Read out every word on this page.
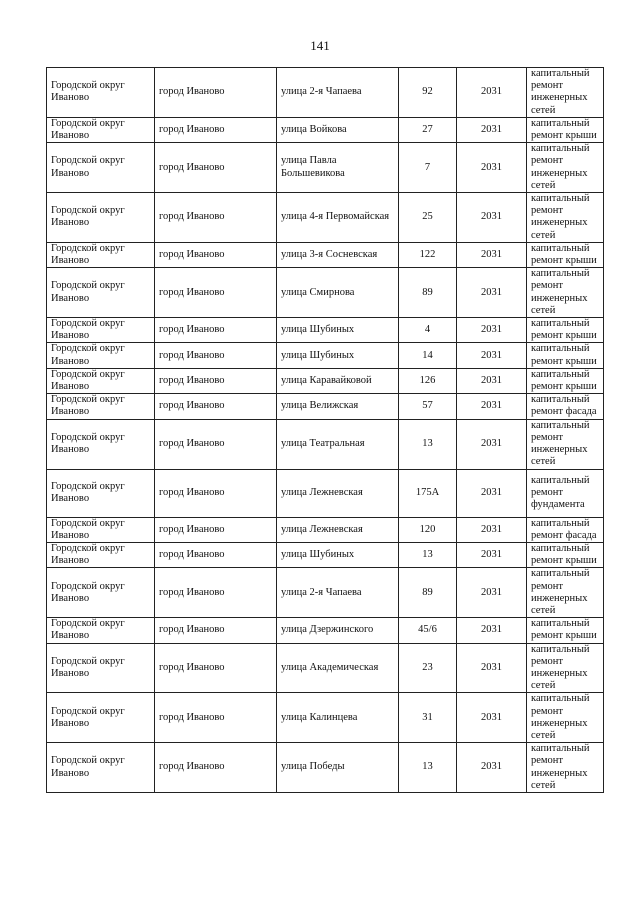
141
Городской округ Иваново	город Иваново	улица 2-я Чапаева	92	2031	капитальный ремонт инженерных сетей
Городской округ Иваново	город Иваново	улица Войкова	27	2031	капитальный ремонт крыши
Городской округ Иваново	город Иваново	улица Павла Большевикова	7	2031	капитальный ремонт инженерных сетей
Городской округ Иваново	город Иваново	улица 4-я Первомайская	25	2031	капитальный ремонт инженерных сетей
Городской округ Иваново	город Иваново	улица 3-я Сосневская	122	2031	капитальный ремонт крыши
Городской округ Иваново	город Иваново	улица Смирнова	89	2031	капитальный ремонт инженерных сетей
Городской округ Иваново	город Иваново	улица Шубиных	4	2031	капитальный ремонт крыши
Городской округ Иваново	город Иваново	улица Шубиных	14	2031	капитальный ремонт крыши
Городской округ Иваново	город Иваново	улица Каравайковой	126	2031	капитальный ремонт крыши
Городской округ Иваново	город Иваново	улица Велижская	57	2031	капитальный ремонт фасада
Городской округ Иваново	город Иваново	улица Театральная	13	2031	капитальный ремонт инженерных сетей
Городской округ Иваново	город Иваново	улица Лежневская	175А	2031	капитальный ремонт фундамента
Городской округ Иваново	город Иваново	улица Лежневская	120	2031	капитальный ремонт фасада
Городской округ Иваново	город Иваново	улица Шубиных	13	2031	капитальный ремонт крыши
Городской округ Иваново	город Иваново	улица 2-я Чапаева	89	2031	капитальный ремонт инженерных сетей
Городской округ Иваново	город Иваново	улица Дзержинского	45/6	2031	капитальный ремонт крыши
Городской округ Иваново	город Иваново	улица Академическая	23	2031	капитальный ремонт инженерных сетей
Городской округ Иваново	город Иваново	улица Калинцева	31	2031	капитальный ремонт инженерных сетей
Городской округ Иваново	город Иваново	улица Победы	13	2031	капитальный ремонт инженерных сетей
